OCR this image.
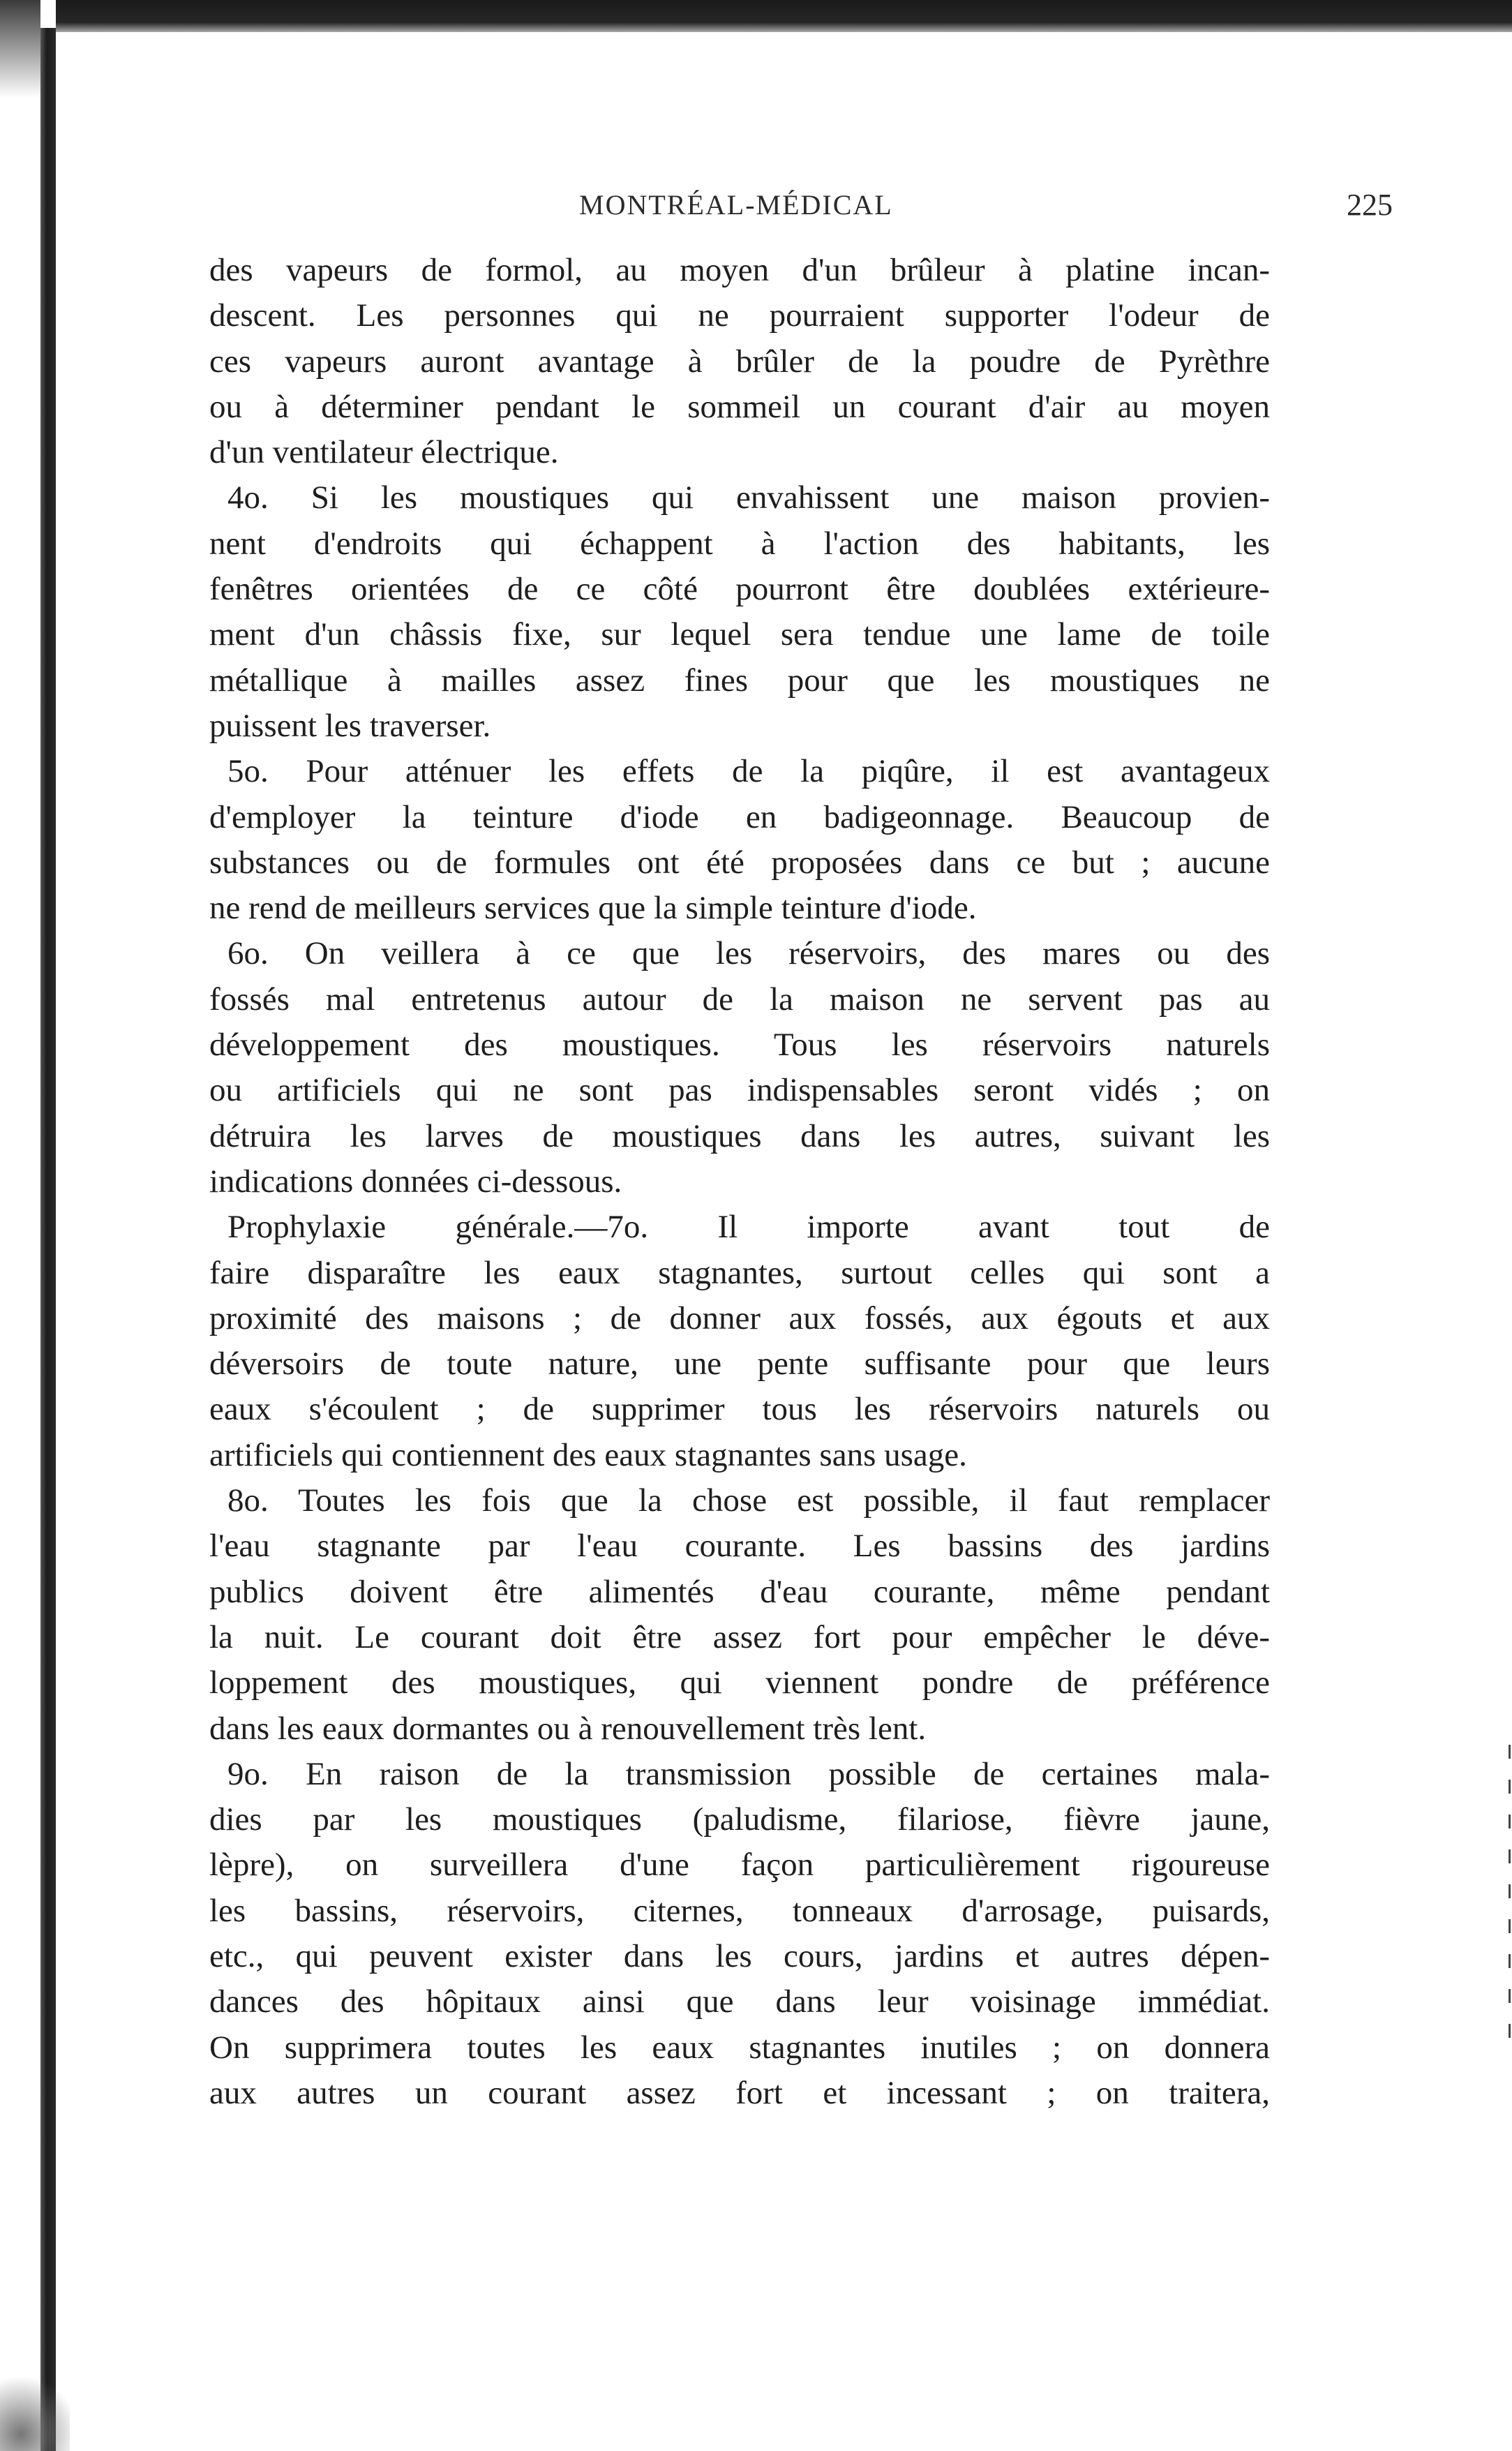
MONTRÉAL-MÉDICAL	225
des vapeurs de formol, au moyen d'un brûleur à platine incan-
descent. Les personnes qui ne pourraient supporter l'odeur de
ces vapeurs auront avantage à brûler de la poudre de Pyrèthre
ou à déterminer pendant le sommeil un courant d'air au moyen
d'un ventilateur électrique.
4o. Si les moustiques qui envahissent une maison provien-
nent d'endroits qui échappent à l'action des habitants, les
fenêtres orientées de ce côté pourront être doublées extérieure-
ment d'un châssis fixe, sur lequel sera tendue une lame de toile
métallique à mailles assez fines pour que les moustiques ne
puissent les traverser.
5o. Pour atténuer les effets de la piqûre, il est avantageux
d'employer la teinture d'iode en badigeonnage. Beaucoup de
substances ou de formules ont été proposées dans ce but ; aucune
ne rend de meilleurs services que la simple teinture d'iode.
6o. On veillera à ce que les réservoirs, des mares ou des
fossés mal entretenus autour de la maison ne servent pas au
développement des moustiques. Tous les réservoirs naturels
ou artificiels qui ne sont pas indispensables seront vidés ; on
détruira les larves de moustiques dans les autres, suivant les
indications données ci-dessous.
Prophylaxie générale.—7o. Il importe avant tout de
faire disparaître les eaux stagnantes, surtout celles qui sont a
proximité des maisons ; de donner aux fossés, aux égouts et aux
déversoirs de toute nature, une pente suffisante pour que leurs
eaux s'écoulent ; de supprimer tous les réservoirs naturels ou
artificiels qui contiennent des eaux stagnantes sans usage.
8o. Toutes les fois que la chose est possible, il faut remplacer
l'eau stagnante par l'eau courante. Les bassins des jardins
publics doivent être alimentés d'eau courante, même pendant
la nuit. Le courant doit être assez fort pour empêcher le déve-
loppement des moustiques, qui viennent pondre de préférence
dans les eaux dormantes ou à renouvellement très lent.
9o. En raison de la transmission possible de certaines mala-
dies par les moustiques (paludisme, filariose, fièvre jaune,
lèpre), on surveillera d'une façon particulièrement rigoureuse
les bassins, réservoirs, citernes, tonneaux d'arrosage, puisards,
etc., qui peuvent exister dans les cours, jardins et autres dépen-
dances des hôpitaux ainsi que dans leur voisinage immédiat.
On supprimera toutes les eaux stagnantes inutiles ; on donnera
aux autres un courant assez fort et incessant ; on traitera,
